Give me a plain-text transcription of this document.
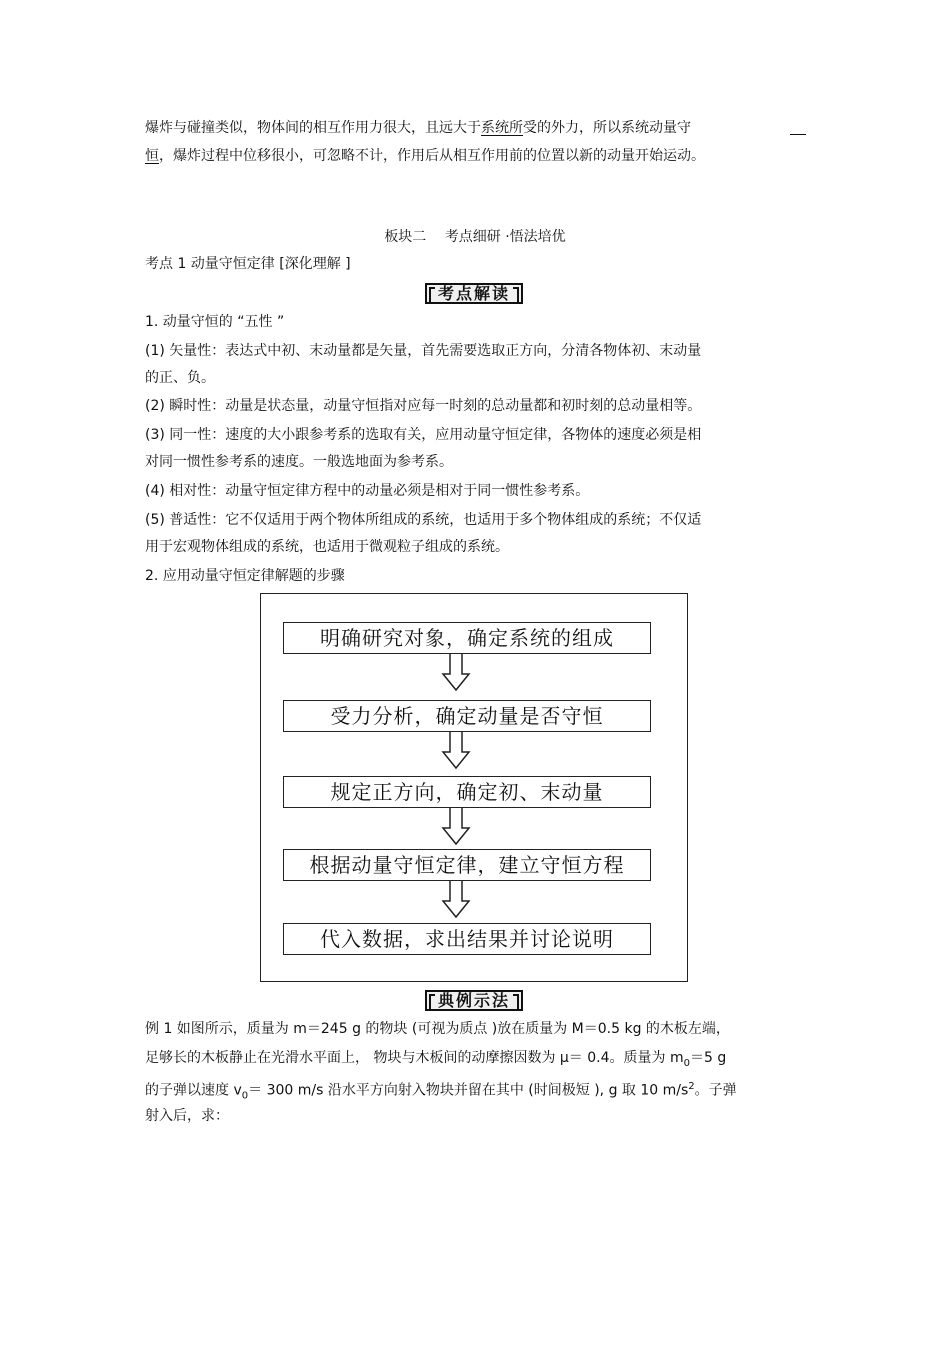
爆炸与碰撞类似，物体间的相互作用力很大，且远大于系统所受的外力，所以系统动量守
恒，爆炸过程中位移很小，可忽略不计，作用后从相互作用前的位置以新的动量开始运动。
板块二　 考点细研 ·悟法培优
考点 1 动量守恒定律 [深化理解 ]
考点解读
1. 动量守恒的 “五性 ”
(1) 矢量性：表达式中初、末动量都是矢量，首先需要选取正方向，分清各物体初、末动量
的正、负。
(2) 瞬时性：动量是状态量，动量守恒指对应每一时刻的总动量都和初时刻的总动量相等。
(3) 同一性：速度的大小跟参考系的选取有关，应用动量守恒定律，各物体的速度必须是相
对同一惯性参考系的速度。一般选地面为参考系。
(4) 相对性：动量守恒定律方程中的动量必须是相对于同一惯性参考系。
(5) 普适性：它不仅适用于两个物体所组成的系统，也适用于多个物体组成的系统；不仅适
用于宏观物体组成的系统，也适用于微观粒子组成的系统。
2. 应用动量守恒定律解题的步骤
明确研究对象，确定系统的组成
受力分析，确定动量是否守恒
规定正方向，确定初、末动量
根据动量守恒定律，建立守恒方程
代入数据，求出结果并讨论说明
典例示法
例 1 如图所示，质量为 m＝245 g 的物块 (可视为质点 )放在质量为 M＝0.5 kg 的木板左端，
足够长的木板静止在光滑水平面上， 物块与木板间的动摩擦因数为 μ＝ 0.4。质量为 $m_0=5$ g
的子弹以速度 $v_0= 300$ m/s 沿水平方向射入物块并留在其中 (时间极短 ), g 取 10 $m/s^2$。子弹
射入后，求：
